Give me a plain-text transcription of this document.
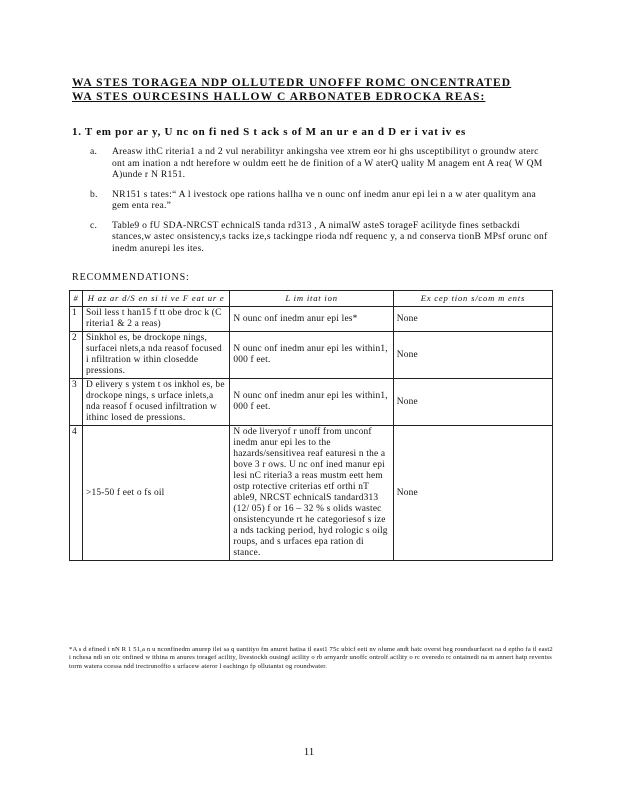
WA STES TORAGEA NDP OLLUTEDR UNOFFF ROMC ONCENTRATED
WA STES OURCESINS HALLOW C ARBONATEB EDROCKA REAS:
1. T em por ar y, U nc on fi ned S t ack s of M an ur e an d D er i vat iv es
a. Areasw ithC riteria1 a nd 2 vul nerabilityr ankingsha vee xtrem eor hi ghs usceptibilityt o groundw aterc ont am ination a ndt herefore w ouldm eett he de finition of a W aterQ uality M anagem ent A rea( W QM A)unde r N R151.
b. NR151 s tates:“ A l ivestock ope rations hallha ve n ounc onf inedm anur epi lei n a w ater qualitym ana gem enta rea.”
c. Table9 o fU SDA-NRCST echnicalS tanda rd313 , A nimalW asteS torageF acilityde fines setbackdi stances,w astec onsistency,s tacks ize,s tackingpe rioda ndf requenc y, a nd conserva tionB MPsf orunc onf inedm anurepi les ites.
RECOMMENDATIONS:
#	H az ar d/S en si ti ve F eat ur e	L im itat ion	Ex cep tion s/com m ents
1	Soil less t han15 f tt obe droc k (C riteria1 & 2 a reas)	N ounc onf inedm anur epi les*	None
2	Sinkhol es, be drockope nings, surfacei nlets,a nda reasof focused i nfiltration w ithin closedde pressions.	N ounc onf inedm anur epi les within1, 000 f eet.	None
3	D elivery s ystem t os inkhol es, be drockope nings, s urface inlets,a nda reasof f ocused infiltration w ithinc losed de pressions.	N ounc onf inedm anur epi les within1, 000 f eet.	None
4	>15-50 f eet o fs oil	N ode liveryof r unoff from unconf inedm anur epi les to the hazards/sensitivea reaf eaturesi n the a bove 3 r ows. U nc onf ined manur epi lesi nC riteria3 a reas mustm eett hem ostp rotective criterias etf orthi nT able9, NRCST echnicalS tandard313 (12/ 05) f or 16 – 32 % s olids wastec onsistencyunde rt he categoriesof s ize a nds tacking period, hyd rologic s oilg roups, and s urfaces epa ration di stance.	None
*A s d efined i nN R 1 51,a n u nconfinedm anurep ilei sa q uantityo fm anuret hatisa tl east1 75c ubicf eeti nv olume andt hatc overst heg roundsurfacet oa d eptho fa tl east2 i nchesa ndi sn otc onfined w ithina m anures toragef acility, livestockh ousingf acility o rb arnyardr unoffc ontrolf acility o rc overedo rc ontainedi na m annert hatp reventss torm watera ccessa ndd irectrunoffto s urfacew ateror l eachingo fp ollutantst og roundwater.
11
